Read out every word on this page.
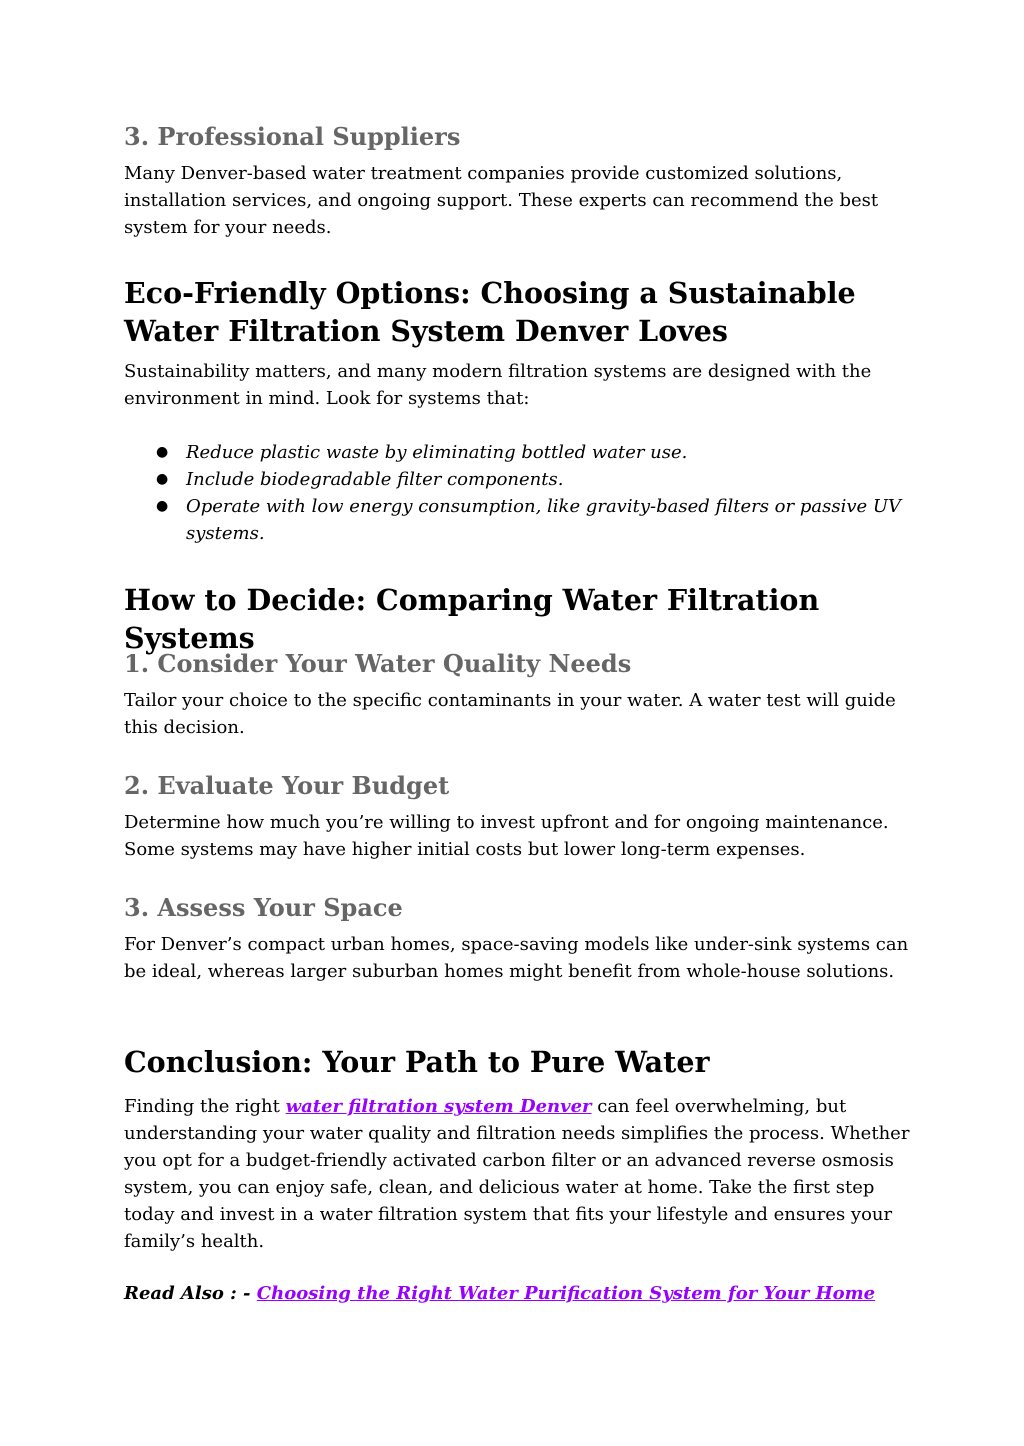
3. Professional Suppliers

Many Denver-based water treatment companies provide customized solutions, installation services, and ongoing support. These experts can recommend the best system for your needs.

Eco-Friendly Options: Choosing a Sustainable Water Filtration System Denver Loves

Sustainability matters, and many modern filtration systems are designed with the environment in mind. Look for systems that:

● Reduce plastic waste by eliminating bottled water use.
● Include biodegradable filter components.
● Operate with low energy consumption, like gravity-based filters or passive UV systems.
How to Decide: Comparing Water Filtration Systems
1. Consider Your Water Quality Needs

Tailor your choice to the specific contaminants in your water. A water test will guide this decision.

2. Evaluate Your Budget

Determine how much you’re willing to invest upfront and for ongoing maintenance. Some systems may have higher initial costs but lower long-term expenses.

3. Assess Your Space

For Denver’s compact urban homes, space-saving models like under-sink systems can be ideal, whereas larger suburban homes might benefit from whole-house solutions.

Conclusion: Your Path to Pure Water

Finding the right water filtration system Denver can feel overwhelming, but understanding your water quality and filtration needs simplifies the process. Whether you opt for a budget-friendly activated carbon filter or an advanced reverse osmosis system, you can enjoy safe, clean, and delicious water at home. Take the first step today and invest in a water filtration system that fits your lifestyle and ensures your family’s health.

Read Also : - Choosing the Right Water Purification System for Your Home
